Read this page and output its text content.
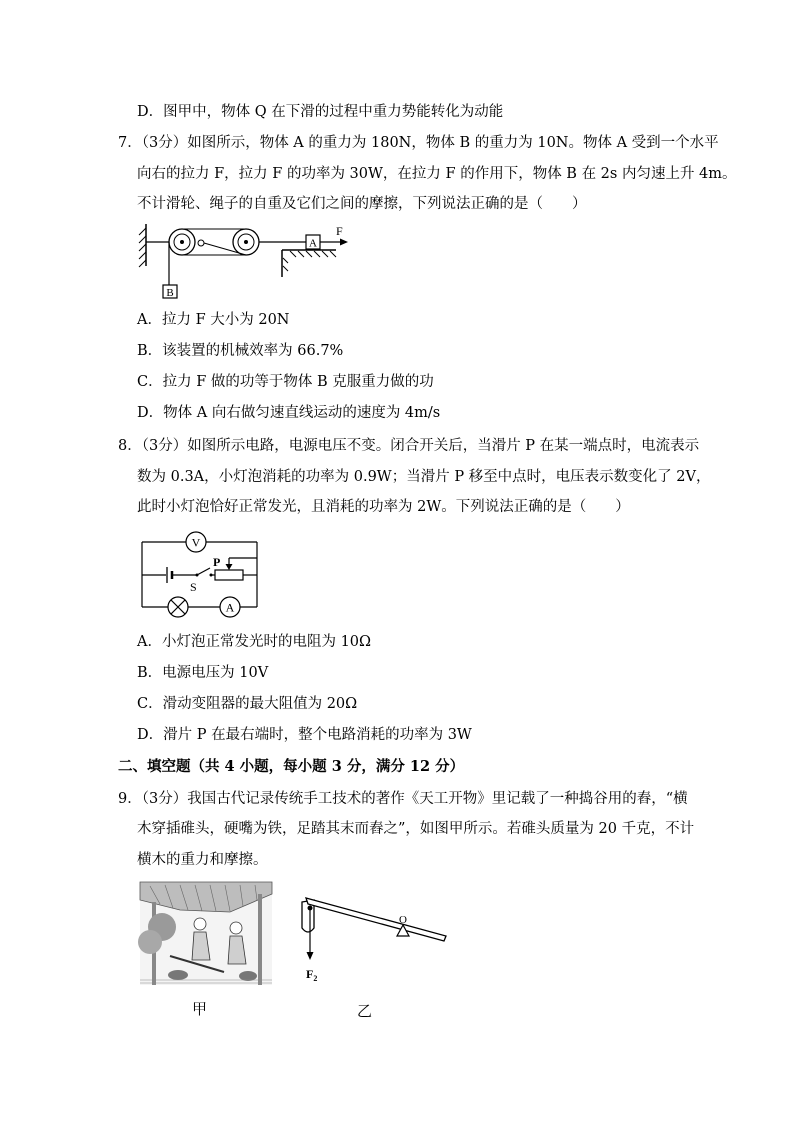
D．图甲中，物体 Q 在下滑的过程中重力势能转化为动能
7．（3分）如图所示，物体 A 的重力为 180N，物体 B 的重力为 10N。物体 A 受到一个水平
向右的拉力 F，拉力 F 的功率为 30W，在拉力 F 的作用下，物体 B 在 2s 内匀速上升 4m。
不计滑轮、绳子的自重及它们之间的摩擦，下列说法正确的是（　　）
A
F
B
A．拉力 F 大小为 20N
B．该装置的机械效率为 66.7%
C．拉力 F 做的功等于物体 B 克服重力做的功
D．物体 A 向右做匀速直线运动的速度为 4m/s
8．（3分）如图所示电路，电源电压不变。闭合开关后，当滑片 P 在某一端点时，电流表示
数为 0.3A，小灯泡消耗的功率为 0.9W；当滑片 P 移至中点时，电压表示数变化了 2V，
此时小灯泡恰好正常发光，且消耗的功率为 2W。下列说法正确的是（　　）
V
S
P
A
A．小灯泡正常发光时的电阻为 10Ω
B．电源电压为 10V
C．滑动变阻器的最大阻值为 20Ω
D．滑片 P 在最右端时，整个电路消耗的功率为 3W
二、填空题（共 4 小题，每小题 3 分，满分 12 分）
9．（3分）我国古代记录传统手工技术的著作《天工开物》里记载了一种捣谷用的舂，“横
木穿插碓头，硬嘴为铁，足踏其末而舂之”，如图甲所示。若碓头质量为 20 千克，不计
横木的重力和摩擦。
O
$F_2$
甲	乙
